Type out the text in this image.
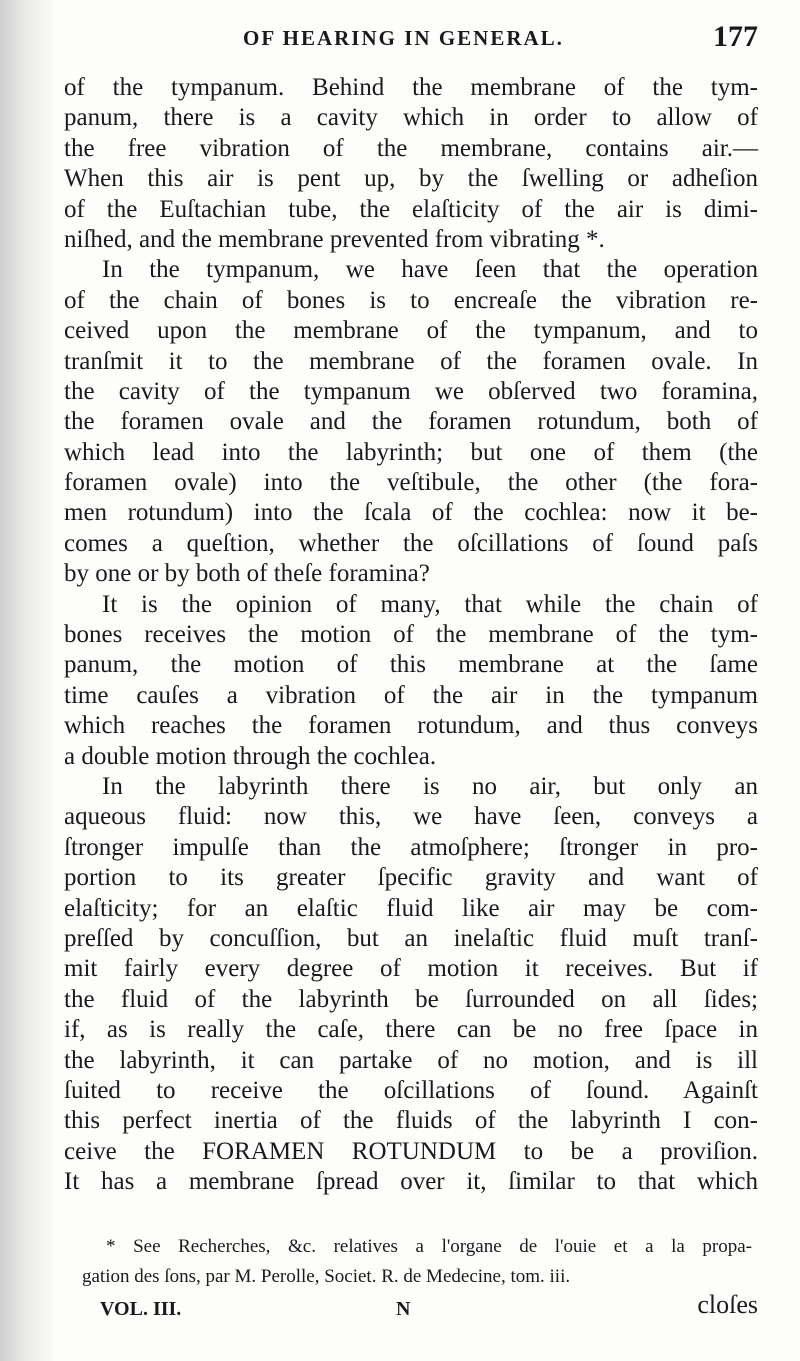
OF HEARING IN GENERAL.	177
of the tympanum. Behind the membrane of the tym-
panum, there is a cavity which in order to allow of
the free vibration of the membrane, contains air.—
When this air is pent up, by the ſwelling or adheſion
of the Euſtachian tube, the elaſticity of the air is dimi-
niſhed, and the membrane prevented from vibrating *.
In the tympanum, we have ſeen that the operation
of the chain of bones is to encreaſe the vibration re-
ceived upon the membrane of the tympanum, and to
tranſmit it to the membrane of the foramen ovale. In
the cavity of the tympanum we obſerved two foramina,
the foramen ovale and the foramen rotundum, both of
which lead into the labyrinth; but one of them (the
foramen ovale) into the veſtibule, the other (the fora-
men rotundum) into the ſcala of the cochlea: now it be-
comes a queſtion, whether the oſcillations of ſound paſs
by one or by both of theſe foramina?
It is the opinion of many, that while the chain of
bones receives the motion of the membrane of the tym-
panum, the motion of this membrane at the ſame
time cauſes a vibration of the air in the tympanum
which reaches the foramen rotundum, and thus conveys
a double motion through the cochlea.
In the labyrinth there is no air, but only an
aqueous fluid: now this, we have ſeen, conveys a
ſtronger impulſe than the atmoſphere; ſtronger in pro-
portion to its greater ſpecific gravity and want of
elaſticity; for an elaſtic fluid like air may be com-
preſſed by concuſſion, but an inelaſtic fluid muſt tranſ-
mit fairly every degree of motion it receives. But if
the fluid of the labyrinth be ſurrounded on all ſides;
if, as is really the caſe, there can be no free ſpace in
the labyrinth, it can partake of no motion, and is ill
ſuited to receive the oſcillations of ſound. Againſt
this perfect inertia of the fluids of the labyrinth I con-
ceive the FORAMEN ROTUNDUM to be a proviſion.
It has a membrane ſpread over it, ſimilar to that which
* See Recherches, &c. relatives a l'organe de l'ouie et a la propa-
gation des ſons, par M. Perolle, Societ. R. de Medecine, tom. iii.
VOL. III.	N	cloſes
